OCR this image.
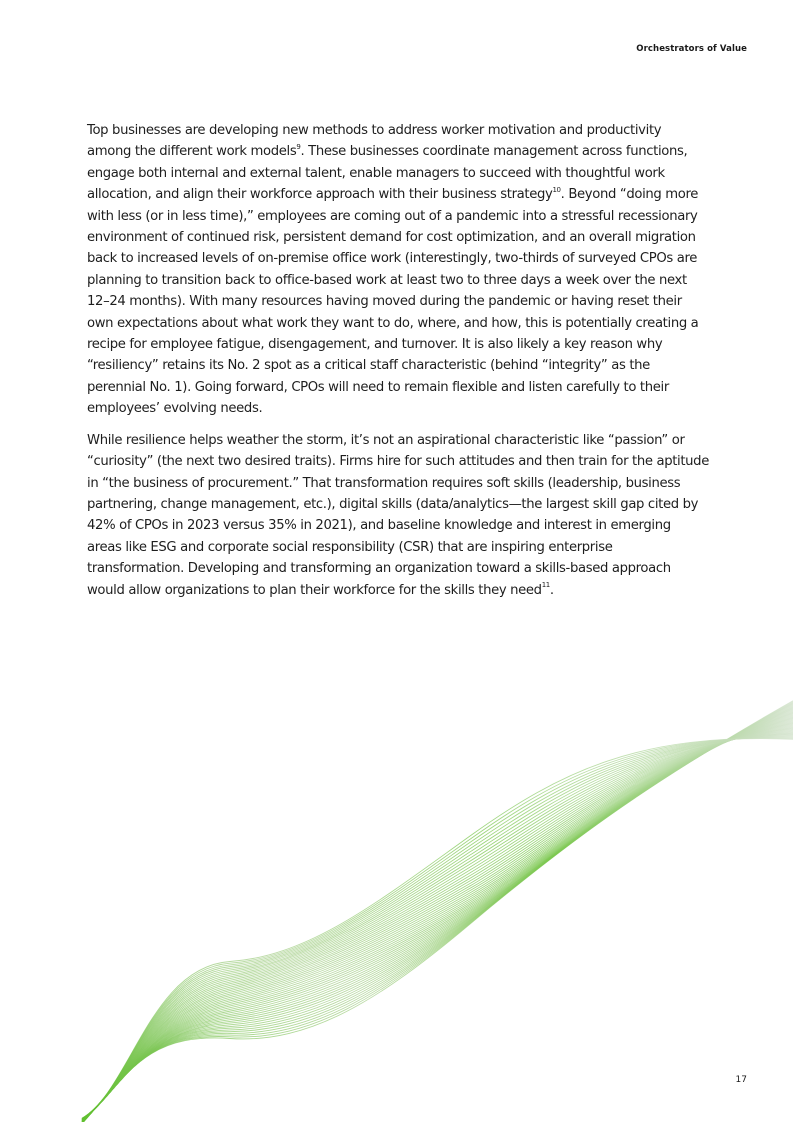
Orchestrators of Value

Top businesses are developing new methods to address worker motivation and productivity among the different work models$^9$. These businesses coordinate management across functions, engage both internal and external talent, enable managers to succeed with thoughtful work allocation, and align their workforce approach with their business strategy$^{10}$. Beyond “doing more with less (or in less time),” employees are coming out of a pandemic into a stressful recessionary environment of continued risk, persistent demand for cost optimization, and an overall migration back to increased levels of on-premise office work (interestingly, two-thirds of surveyed CPOs are planning to transition back to office-based work at least two to three days a week over the next 12–24 months). With many resources having moved during the pandemic or having reset their own expectations about what work they want to do, where, and how, this is potentially creating a recipe for employee fatigue, disengagement, and turnover. It is also likely a key reason why “resiliency” retains its No. 2 spot as a critical staff characteristic (behind “integrity” as the perennial No. 1). Going forward, CPOs will need to remain flexible and listen carefully to their employees’ evolving needs.

While resilience helps weather the storm, it’s not an aspirational characteristic like “passion” or “curiosity” (the next two desired traits). Firms hire for such attitudes and then train for the aptitude in “the business of procurement.” That transformation requires soft skills (leadership, business partnering, change management, etc.), digital skills (data/analytics—the largest skill gap cited by 42% of CPOs in 2023 versus 35% in 2021), and baseline knowledge and interest in emerging areas like ESG and corporate social responsibility (CSR) that are inspiring enterprise transformation. Developing and transforming an organization toward a skills-based approach would allow organizations to plan their workforce for the skills they need$^{11}$.

17
